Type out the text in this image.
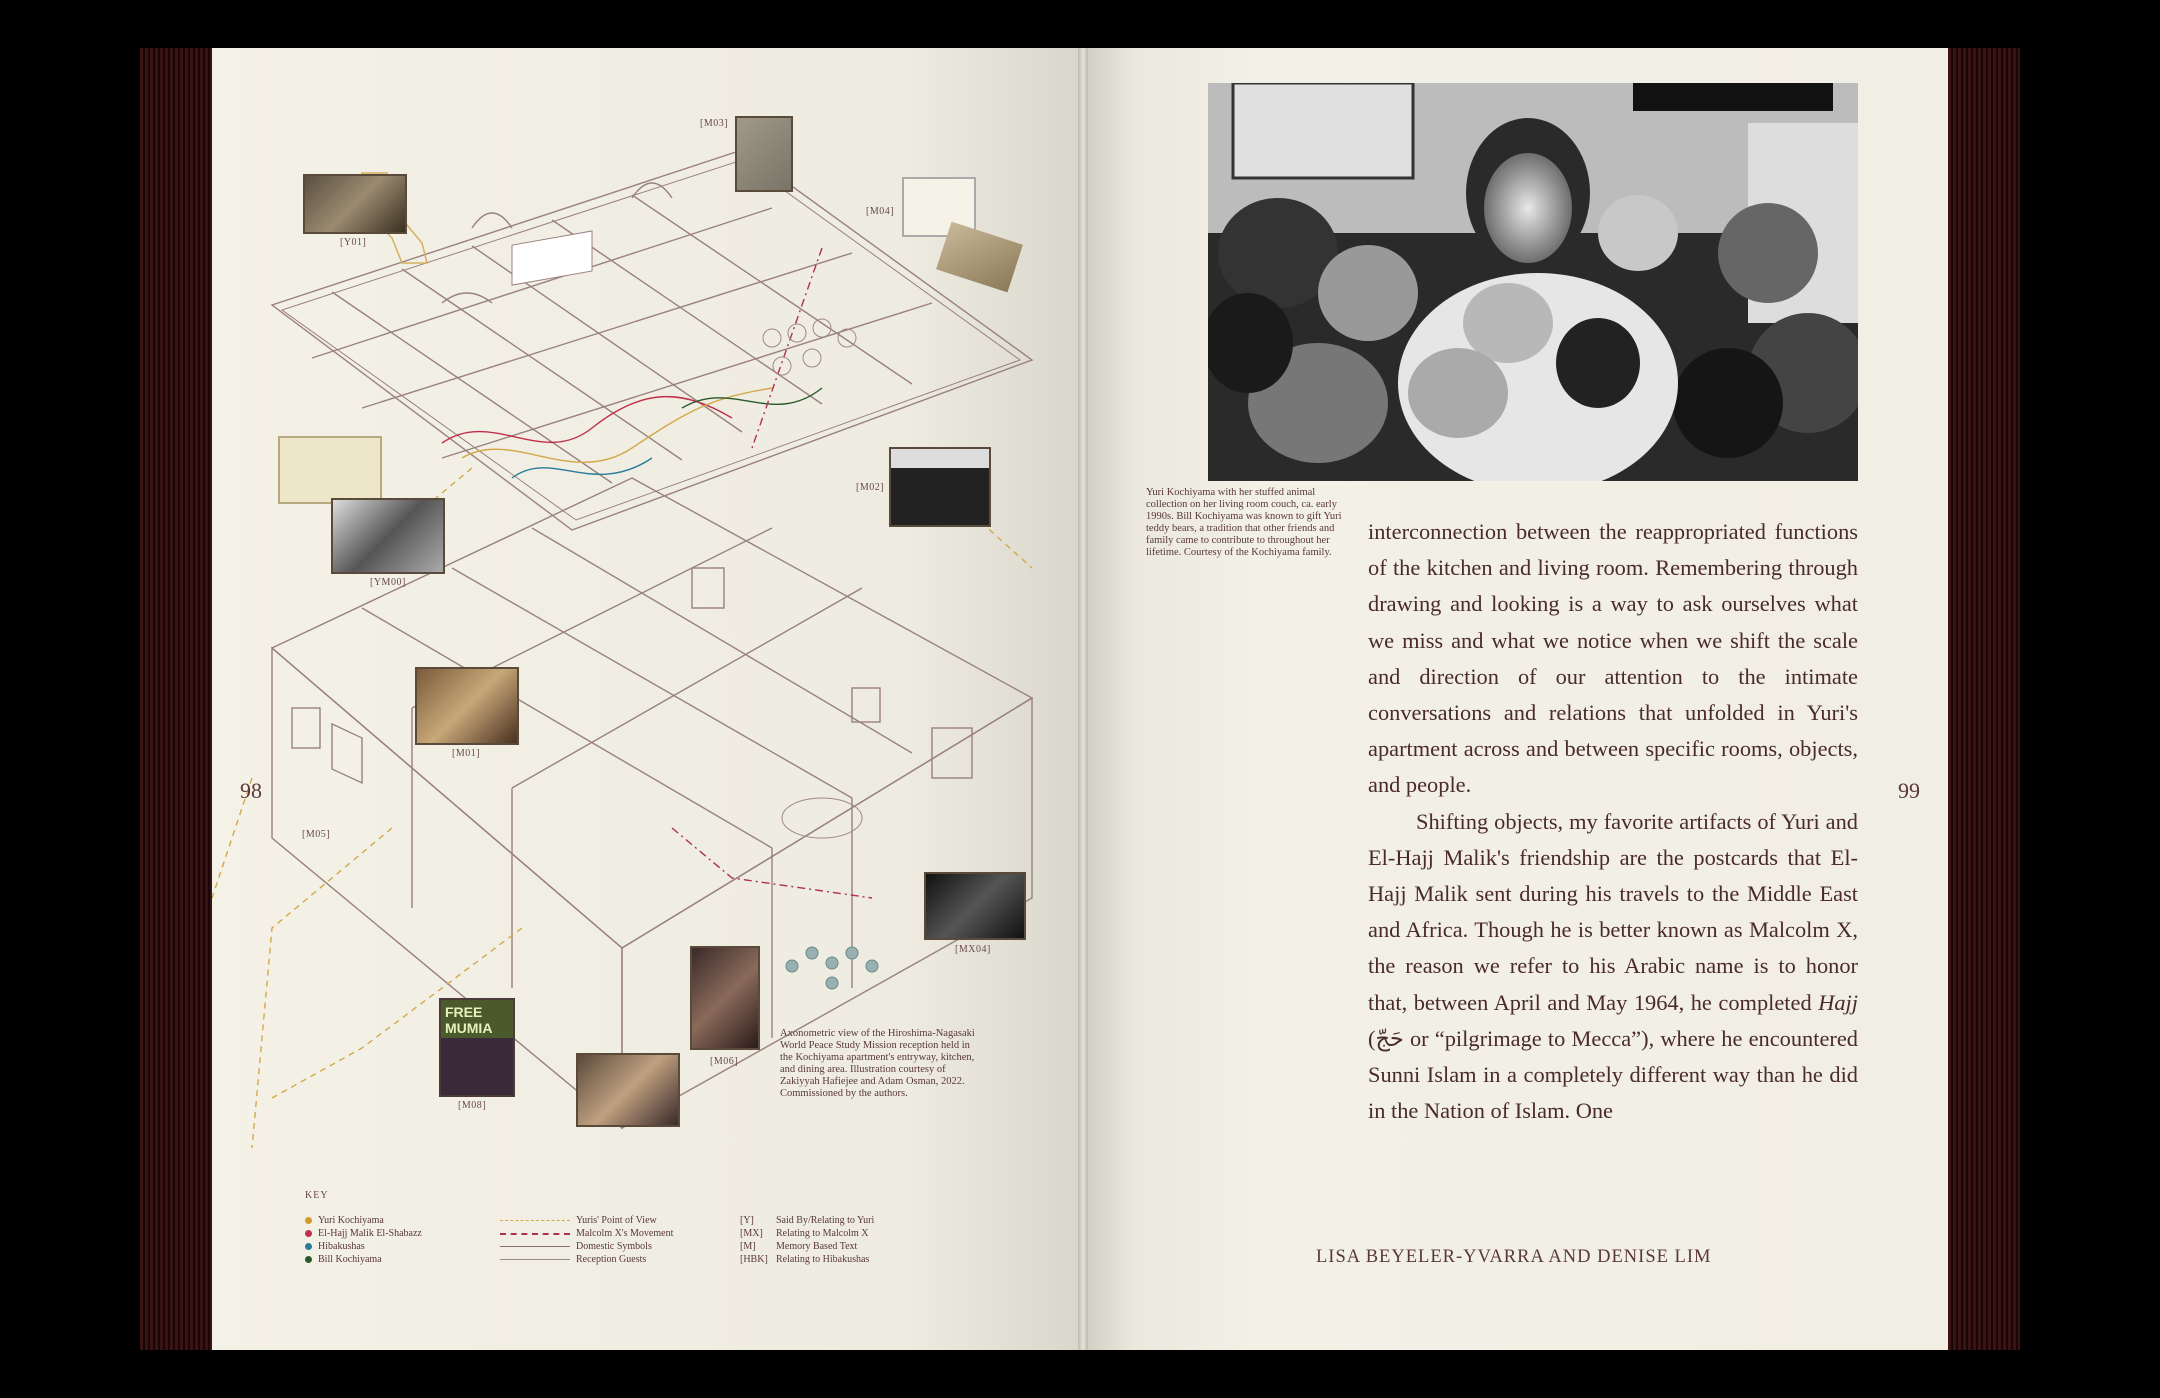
[Y01]
[M03]
[M04]
[YM00]
[M02]
[M01]
[M05]
[MX04]
[M06]
FREE MUMIA
[M08]
Axonometric view of the Hiroshima-Nagasaki World Peace Study Mission reception held in the Kochiyama apartment's entryway, kitchen, and dining area. Illustration courtesy of Zakiyyah Hafiejee and Adam Osman, 2022. Commissioned by the authors.
KEY
Yuri Kochiyama
El-Hajj Malik El-Shabazz
Hibakushas
Bill Kochiyama
Yuris' Point of View
Malcolm X's Movement
Domestic Symbols
Reception Guests
[Y]	Said By/Relating to Yuri
[MX]	Relating to Malcolm X
[M]	Memory Based Text
[HBK] Relating to Hibakushas
98
Yuri Kochiyama with her stuffed animal collection on her living room couch, ca. early 1990s. Bill Kochiyama was known to gift Yuri teddy bears, a tradition that other friends and family came to contribute to throughout her lifetime. Courtesy of the Kochiyama family.

interconnection between the reappropriated functions of the kitchen and living room. Remembering through drawing and looking is a way to ask ourselves what we miss and what we notice when we shift the scale and direction of our attention to the intimate conversations and relations that unfolded in Yuri's apartment across and between specific rooms, objects, and people.

Shifting objects, my favorite artifacts of Yuri and El-Hajj Malik's friendship are the postcards that El-Hajj Malik sent during his travels to the Middle East and Africa. Though he is better known as Malcolm X, the reason we refer to his Arabic name is to honor that, between April and May 1964, he completed Hajj (حَجّ or “pilgrimage to Mecca”), where he encountered Sunni Islam in a completely different way than he did in the Nation of Islam. One

99
LISA BEYELER-YVARRA AND DENISE LIM
